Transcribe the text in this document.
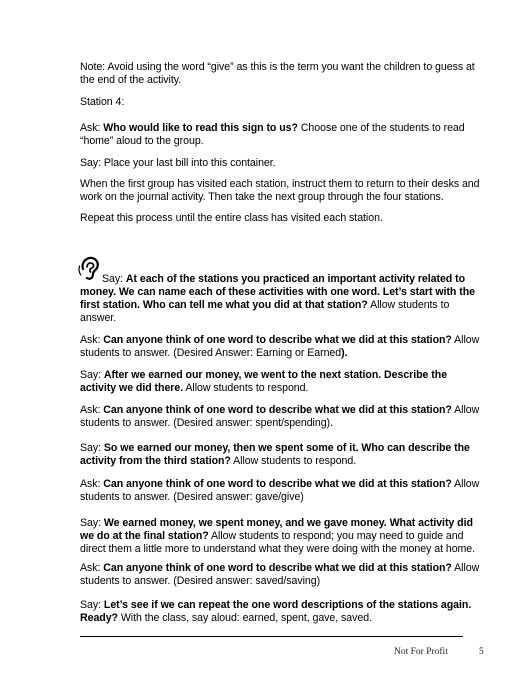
Note: Avoid using the word “give” as this is the term you want the children to guess at the end of the activity.

Station 4:

Ask: Who would like to read this sign to us? Choose one of the students to read “home” aloud to the group.

Say: Place your last bill into this container.

When the first group has visited each station, instruct them to return to their desks and work on the journal activity. Then take the next group through the four stations.

Repeat this process until the entire class has visited each station.

Say: At each of the stations you practiced an important activity related to money. We can name each of these activities with one word. Let’s start with the first station. Who can tell me what you did at that station? Allow students to answer.

Ask: Can anyone think of one word to describe what we did at this station? Allow students to answer. (Desired Answer: Earning or Earned).

Say: After we earned our money, we went to the next station. Describe the activity we did there. Allow students to respond.

Ask: Can anyone think of one word to describe what we did at this station? Allow students to answer. (Desired answer: spent/spending).

Say: So we earned our money, then we spent some of it. Who can describe the activity from the third station? Allow students to respond.

Ask: Can anyone think of one word to describe what we did at this station? Allow students to answer. (Desired answer: gave/give)

Say: We earned money, we spent money, and we gave money. What activity did we do at the final station? Allow students to respond; you may need to guide and direct them a little more to understand what they were doing with the money at home.

Ask: Can anyone think of one word to describe what we did at this station? Allow students to answer. (Desired answer: saved/saving)

Say: Let’s see if we can repeat the one word descriptions of the stations again. Ready? With the class, say aloud: earned, spent, gave, saved.

Not For Profit	5
